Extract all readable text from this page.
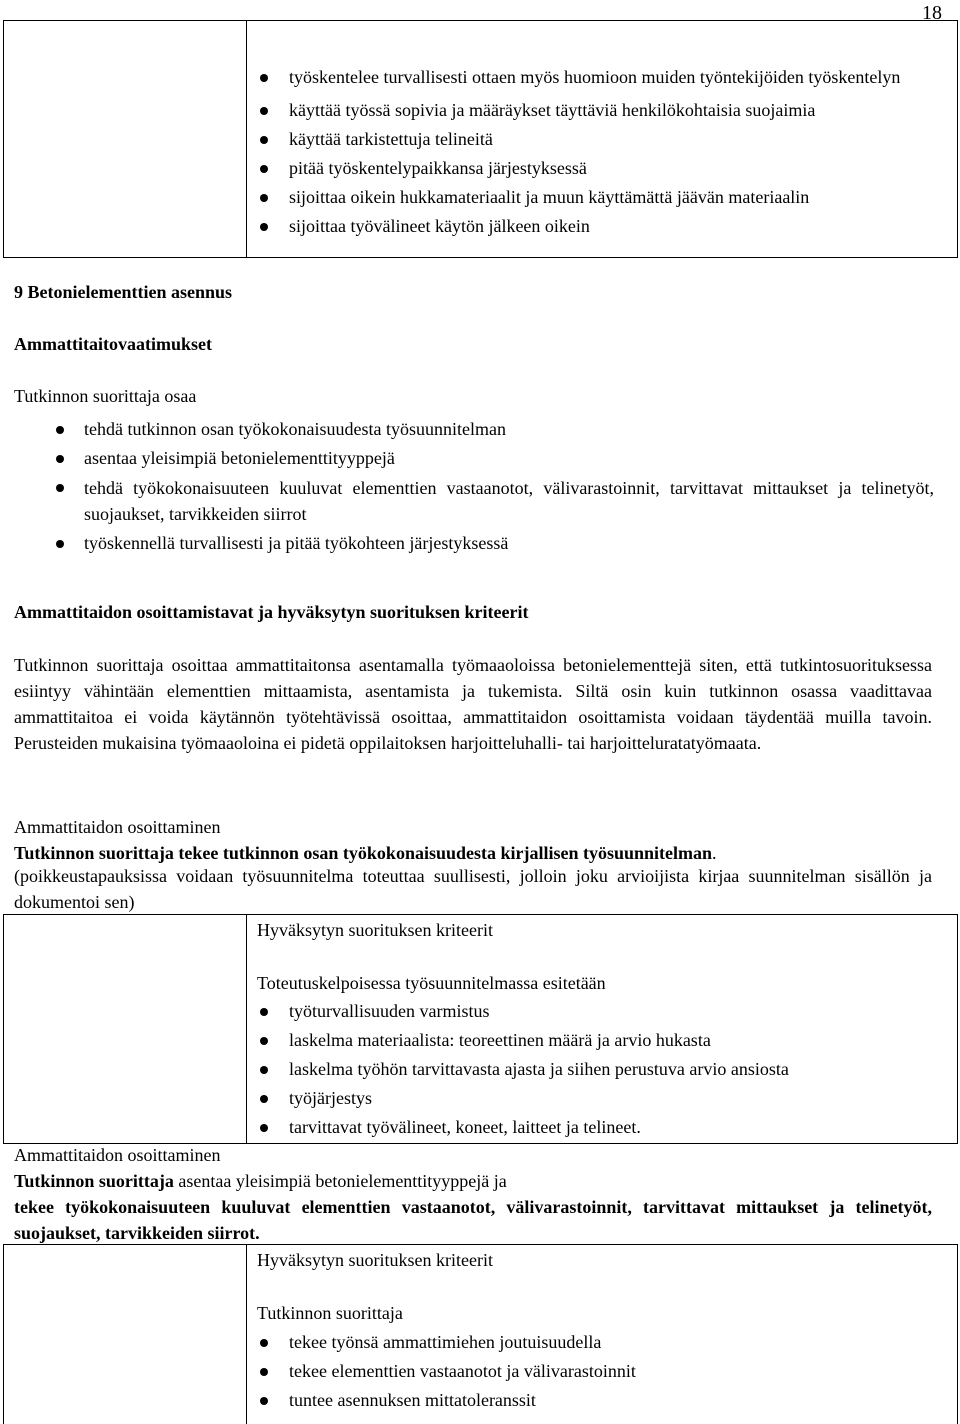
18
työskentelee turvallisesti ottaen myös huomioon muiden työntekijöiden työskentelyn
käyttää työssä sopivia ja määräykset täyttäviä henkilökohtaisia suojaimia
käyttää tarkistettuja telineitä
pitää työskentelypaikkansa järjestyksessä
sijoittaa oikein hukkamateriaalit ja muun käyttämättä jäävän materiaalin
sijoittaa työvälineet käytön jälkeen oikein
9 Betonielementtien asennus
Ammattitaitovaatimukset
Tutkinnon suorittaja osaa
tehdä tutkinnon osan työkokonaisuudesta työsuunnitelman
asentaa yleisimpiä betonielementtityyppejä
tehdä työkokonaisuuteen kuuluvat elementtien vastaanotot, välivarastoinnit, tarvittavat mittaukset ja telinetyöt, suojaukset, tarvikkeiden siirrot
työskennellä turvallisesti ja pitää työkohteen järjestyksessä
Ammattitaidon osoittamistavat ja hyväksytyn suorituksen kriteerit
Tutkinnon suorittaja osoittaa ammattitaitonsa asentamalla työmaaoloissa betonielementtejä siten, että tutkintosuorituksessa esiintyy vähintään elementtien mittaamista, asentamista ja tukemista. Siltä osin kuin tutkinnon osassa vaadittavaa ammattitaitoa ei voida käytännön työtehtävissä osoittaa, ammattitaidon osoittamista voidaan täydentää muilla tavoin. Perusteiden mukaisina työmaaoloina ei pidetä oppilaitoksen harjoitteluhalli- tai harjoitteluratatyömaata.
Ammattitaidon osoittaminen
Tutkinnon suorittaja tekee tutkinnon osan työkokonaisuudesta kirjallisen työsuunnitelman.
(poikkeustapauksissa voidaan työsuunnitelma toteuttaa suullisesti, jolloin joku arvioijista kirjaa suunnitelman sisällön ja dokumentoi sen)
Hyväksytyn suorituksen kriteerit
Toteutuskelpoisessa työsuunnitelmassa esitetään
työturvallisuuden varmistus
laskelma materiaalista: teoreettinen määrä ja arvio hukasta
laskelma työhön tarvittavasta ajasta ja siihen perustuva arvio ansiosta
työjärjestys
tarvittavat työvälineet, koneet, laitteet ja telineet.
Ammattitaidon osoittaminen
Tutkinnon suorittaja asentaa yleisimpiä betonielementtityyppejä ja
tekee työkokonaisuuteen kuuluvat elementtien vastaanotot, välivarastoinnit, tarvittavat mittaukset ja telinetyöt, suojaukset, tarvikkeiden siirrot.
Hyväksytyn suorituksen kriteerit
Tutkinnon suorittaja
tekee työnsä ammattimiehen joutuisuudella
tekee elementtien vastaanotot ja välivarastoinnit
tuntee asennuksen mittatoleranssit
